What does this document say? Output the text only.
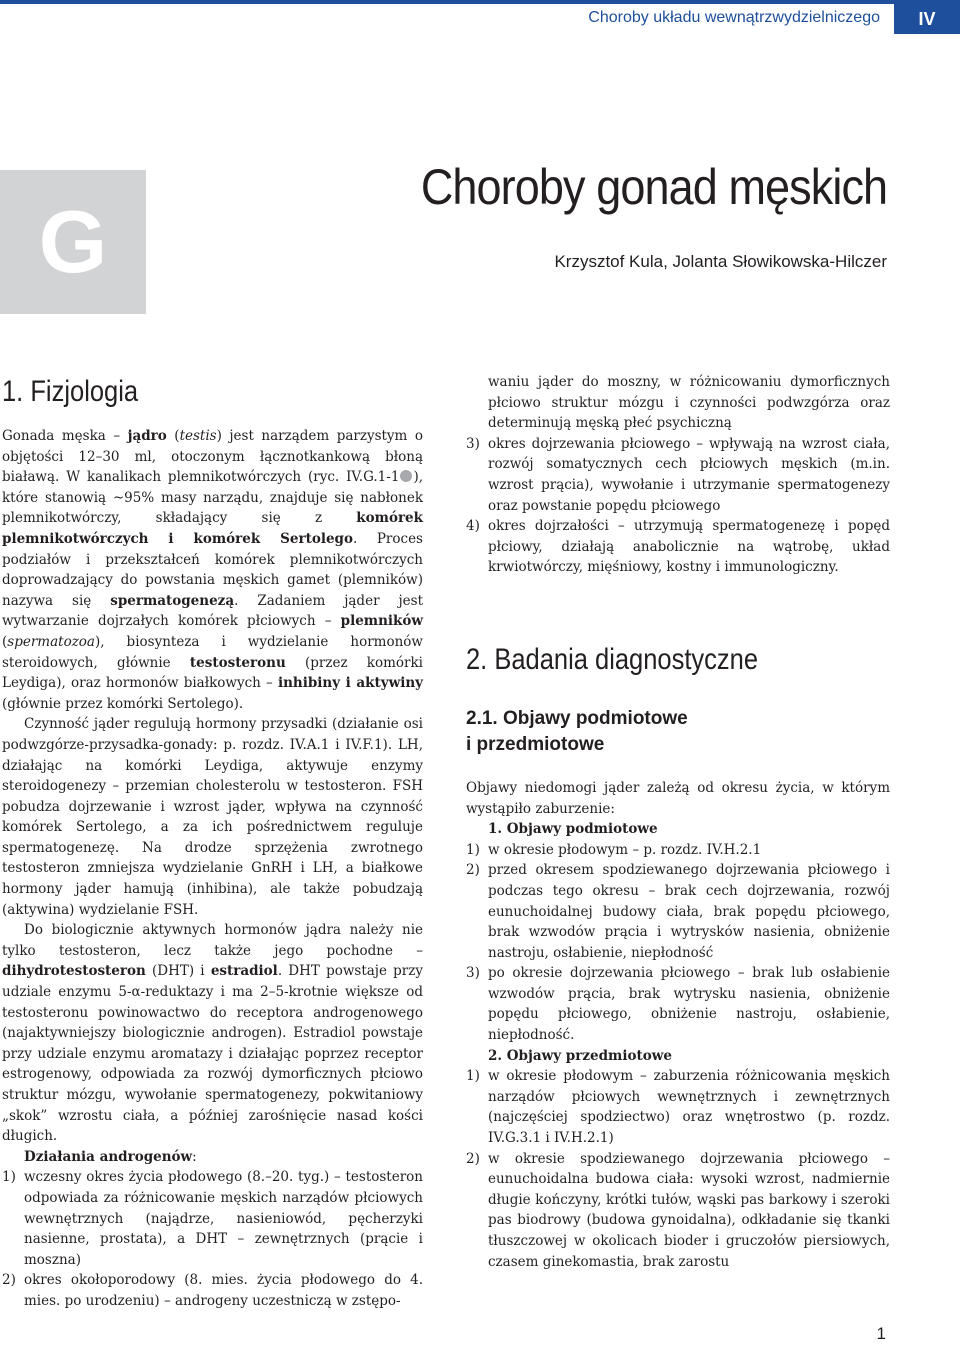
Choroby układu wewnątrzwydzielniczego	IV
G
Choroby gonad męskich

Krzysztof Kula, Jolanta Słowikowska-Hilczer

1. Fizjologia

Gonada męska – jądro (testis) jest narządem parzystym o objętości 12–30 ml, otoczonym łącznotkankową błoną białawą. W kanalikach plemnikotwórczych (ryc. IV.G.1-1 ), które stanowią ~95% masy narządu, znajduje się nabłonek plemnikotwórczy, składający się z komórek plemnikotwórczych i komórek Sertolego. Proces podziałów i przekształceń komórek plemnikotwórczych doprowadzający do powstania męskich gamet (plemników) nazywa się spermatogenezą. Zadaniem jąder jest wytwarzanie dojrzałych komórek płciowych – plemników (spermatozoa), biosynteza i wydzielanie hormonów steroidowych, głównie testosteronu (przez komórki Leydiga), oraz hormonów białkowych – inhibiny i aktywiny (głównie przez komórki Sertolego).

Czynność jąder regulują hormony przysadki (działanie osi podwzgórze-przysadka-gonady: p. rozdz. IV.A.1 i IV.F.1). LH, działając na komórki Leydiga, aktywuje enzymy steroidogenezy – przemian cholesterolu w testosteron. FSH pobudza dojrzewanie i wzrost jąder, wpływa na czynność komórek Sertolego, a za ich pośrednictwem reguluje spermatogenezę. Na drodze sprzężenia zwrotnego testosteron zmniejsza wydzielanie GnRH i LH, a białkowe hormony jąder hamują (inhibina), ale także pobudzają (aktywina) wydzielanie FSH.

Do biologicznie aktywnych hormonów jądra należy nie tylko testosteron, lecz także jego pochodne – dihydrotestosteron (DHT) i estradiol. DHT powstaje przy udziale enzymu 5-α-reduktazy i ma 2–5-krotnie większe od testosteronu powinowactwo do receptora androgenowego (najaktywniejszy biologicznie androgen). Estradiol powstaje przy udziale enzymu aromatazy i działając poprzez receptor estrogenowy, odpowiada za rozwój dymorficznych płciowo struktur mózgu, wywołanie spermatogenezy, pokwitaniowy „skok” wzrostu ciała, a później zarośnięcie nasad kości długich.

Działania androgenów:

1) wczesny okres życia płodowego (8.–20. tyg.) – testosteron odpowiada za różnicowanie męskich narządów płciowych wewnętrznych (najądrze, nasieniowód, pęcherzyki nasienne, prostata), a DHT – zewnętrznych (prącie i moszna)
2) okres okołoporodowy (8. mies. życia płodowego do 4. mies. po urodzeniu) – androgeny uczestniczą w zstępo-

waniu jąder do moszny, w różnicowaniu dymorficznych płciowo struktur mózgu i czynności podwzgórza oraz determinują męską płeć psychiczną

3) okres dojrzewania płciowego – wpływają na wzrost ciała, rozwój somatycznych cech płciowych męskich (m.in. wzrost prącia), wywołanie i utrzymanie spermatogenezy oraz powstanie popędu płciowego
4) okres dojrzałości – utrzymują spermatogenezę i popęd płciowy, działają anabolicznie na wątrobę, układ krwiotwórczy, mięśniowy, kostny i immunologiczny.
2. Badania diagnostyczne
2.1. Objawy podmiotowe
i przedmiotowe

Objawy niedomogi jąder zależą od okresu życia, w którym wystąpiło zaburzenie:

1. Objawy podmiotowe
1) w okresie płodowym – p. rozdz. IV.H.2.1
2) przed okresem spodziewanego dojrzewania płciowego i podczas tego okresu – brak cech dojrzewania, rozwój eunuchoidalnej budowy ciała, brak popędu płciowego, brak wzwodów prącia i wytrysków nasienia, obniżenie nastroju, osłabienie, niepłodność
3) po okresie dojrzewania płciowego – brak lub osłabienie wzwodów prącia, brak wytrysku nasienia, obniżenie popędu płciowego, obniżenie nastroju, osłabienie, niepłodność.
2. Objawy przedmiotowe
1) w okresie płodowym – zaburzenia różnicowania męskich narządów płciowych wewnętrznych i zewnętrznych (najczęściej spodziectwo) oraz wnętrostwo (p. rozdz. IV.G.3.1 i IV.H.2.1)
2) w okresie spodziewanego dojrzewania płciowego – eunuchoidalna budowa ciała: wysoki wzrost, nadmiernie długie kończyny, krótki tułów, wąski pas barkowy i szeroki pas biodrowy (budowa gynoidalna), odkładanie się tkanki tłuszczowej w okolicach bioder i gruczołów piersiowych, czasem ginekomastia, brak zarostu
1
